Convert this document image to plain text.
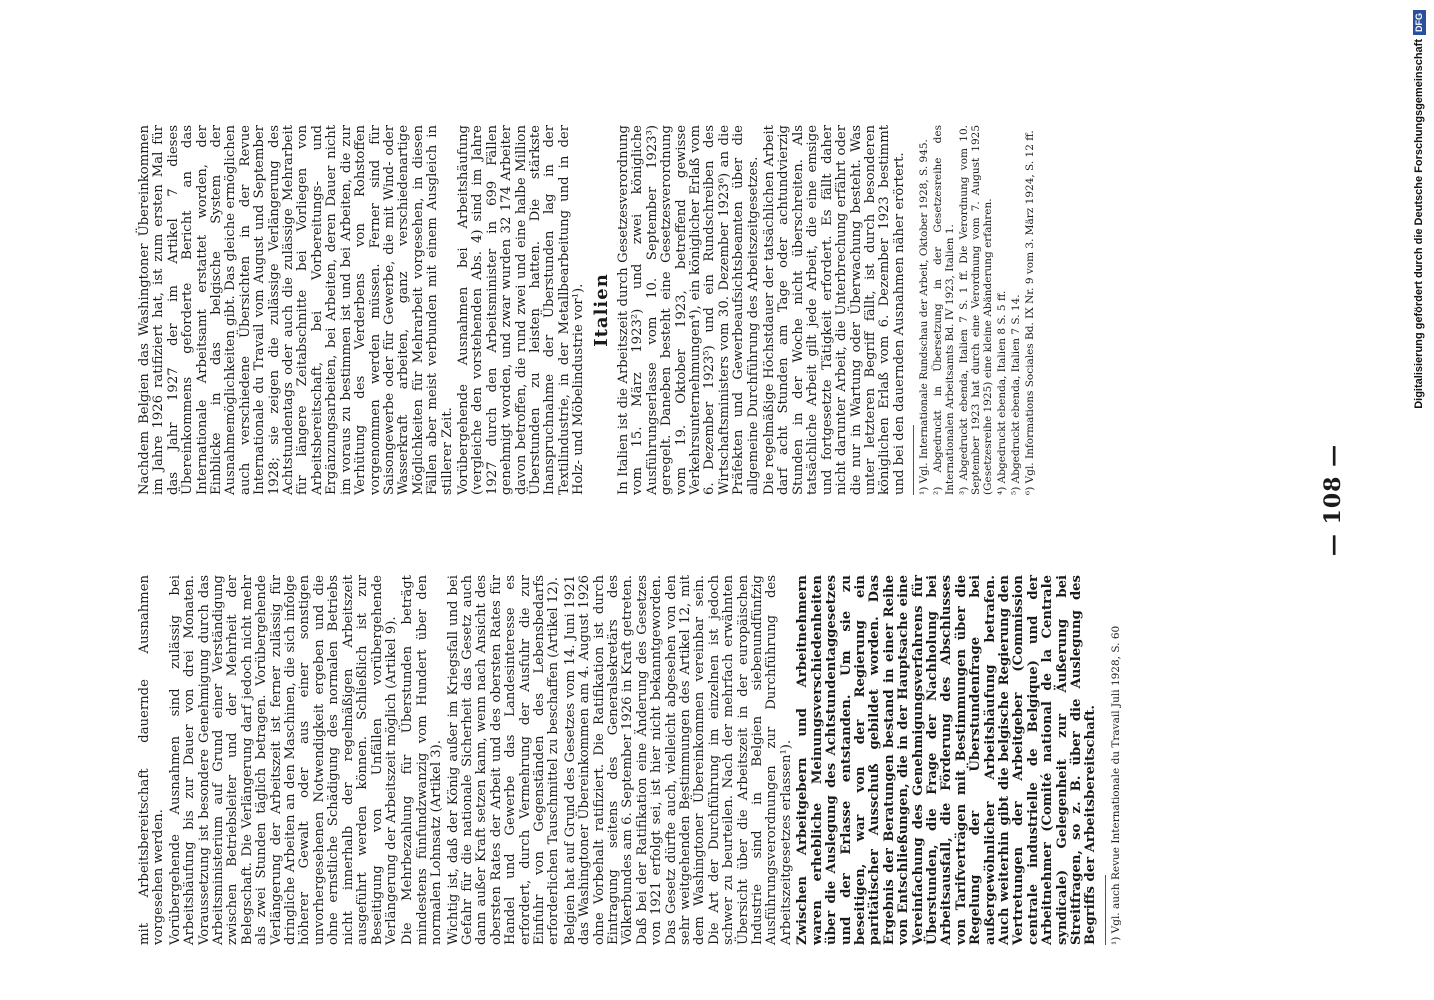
— 108 —

mit Arbeitsbereitschaft dauernde Ausnahmen vorgesehen werden. Vorübergehende Ausnahmen sind zulässig bei Arbeitshäufung bis zur Dauer von drei Monaten. Voraussetzung ist besondere Genehmigung durch das Arbeitsministerium auf Grund einer Verständigung zwischen Betriebsleiter und der Mehrheit der Belegschaft. Die Verlängerung darf jedoch nicht mehr als zwei Stunden täglich betragen. Vorübergehende Verlängerung der Arbeitszeit ist ferner zulässig für dringliche Arbeiten an den Maschinen, die sich infolge höherer Gewalt oder aus einer sonstigen unvorhergesehenen Notwendigkeit ergeben und die ohne ernstliche Schädigung des normalen Betriebs nicht innerhalb der regelmäßigen Arbeitszeit ausgeführt werden können. Schließlich ist zur Beseitigung von Unfällen vorübergehende Verlängerung der Arbeitszeit möglich (Artikel 9). Die Mehrbezahlung für Überstunden beträgt mindestens fünfundzwanzig vom Hundert über den normalen Lohnsatz (Artikel 3). Wichtig ist, daß der König außer im Kriegsfall und bei Gefahr für die nationale Sicherheit das Gesetz auch dann außer Kraft setzen kann, wenn nach Ansicht des obersten Rates der Arbeit und des obersten Rates für Handel und Gewerbe das Landesinteresse es erfordert, durch Vermehrung der Ausfuhr die zur Einfuhr von Gegenständen des Lebensbedarfs erforderlichen Tauschmittel zu beschaffen (Artikel 12). Belgien hat auf Grund des Gesetzes vom 14. Juni 1921 das Washingtoner Übereinkommen am 4. August 1926 ohne Vorbehalt ratifiziert. Die Ratifikation ist durch Eintragung seitens des Generalsekretärs des Völkerbundes am 6. September 1926 in Kraft getreten. Daß bei der Ratifikation eine Änderung des Gesetzes von 1921 erfolgt sei, ist hier nicht bekanntgeworden. Das Gesetz dürfte auch, vielleicht abgesehen von den sehr weitgehenden Bestimmungen des Artikel 12, mit dem Washingtoner Übereinkommen vereinbar sein. Die Art der Durchführung im einzelnen ist jedoch schwer zu beurteilen. Nach der mehrfach erwähnten Übersicht über die Arbeitszeit in der europäischen Industrie sind in Belgien siebenundfünfzig Ausführungsverordnungen zur Durchführung des Arbeitszeitgesetzes erlassen¹). Zwischen Arbeitgebern und Arbeitnehmern waren erhebliche Meinungsverschiedenheiten über die Auslegung des Achtstundentaggesetzes und der Erlasse entstanden. Um sie zu beseitigen, war von der Regierung ein paritätischer Ausschuß gebildet worden. Das Ergebnis der Beratungen bestand in einer Reihe von Entschließungen, die in der Hauptsache eine Vereinfachung des Genehmigungsverfahrens für Überstunden, die Frage der Nachholung bei Arbeitsausfall, die Förderung des Abschlusses von Tarifverträgen mit Bestimmungen über die Regelung der Überstundenfrage bei außergewöhnlicher Arbeitshäufung betrafen. Auch weiterhin gibt die belgische Regierung den Vertretungen der Arbeitgeber (Commission centrale industrielle de Belgique) und der Arbeitnehmer (Comité national de la Centrale syndicale) Gelegenheit zur Äußerung bei Streitfragen, so z. B. über die Auslegung des Begriffs der Arbeitsbereitschaft. ¹) Vgl. auch Revue Internationale du Travail Juli 1928, S. 60

Nachdem Belgien das Washingtoner Übereinkommen im Jahre 1926 ratifiziert hat, ist zum ersten Mal für das Jahr 1927 der im Artikel 7 dieses Übereinkommens geforderte Bericht an das Internationale Arbeitsamt erstattet worden, der Einblicke in das belgische System der Ausnahmemöglichkeiten gibt. Das gleiche ermöglichen auch verschiedene Übersichten in der Revue Internationale du Travail vom August und September 1928; sie zeigen die zulässige Verlängerung des Achtstundentags oder auch die zulässige Mehrarbeit für längere Zeitabschnitte bei Vorliegen von Arbeitsbereitschaft, bei Vorbereitungs- und Ergänzungsarbeiten, bei Arbeiten, deren Dauer nicht im voraus zu bestimmen ist und bei Arbeiten, die zur Verhütung des Verderbens von Rohstoffen vorgenommen werden müssen. Ferner sind für Saisongewerbe oder für Gewerbe, die mit Wind- oder Wasserkraft arbeiten, ganz verschiedenartige Möglichkeiten für Mehrarbeit vorgesehen, in diesen Fällen aber meist verbunden mit einem Ausgleich in stillerer Zeit. Vorübergehende Ausnahmen bei Arbeitshäufung (vergleiche den vorstehenden Abs. 4) sind im Jahre 1927 durch den Arbeitsminister in 699 Fällen genehmigt worden, und zwar wurden 32 174 Arbeiter davon betroffen, die rund zwei und eine halbe Million Überstunden zu leisten hatten. Die stärkste Inanspruchnahme der Überstunden lag in der Textilindustrie, in der Metallbearbeitung und in der Holz- und Möbelindustrie vor¹). Italien In Italien ist die Arbeitszeit durch Gesetzesverordnung vom 15. März 1923²) und zwei königliche Ausführungserlasse vom 10. September 1923³) geregelt. Daneben besteht eine Gesetzesverordnung vom 19. Oktober 1923, betreffend gewisse Verkehrsunternehmungen⁴), ein königlicher Erlaß vom 6. Dezember 1923⁵) und ein Rundschreiben des Wirtschaftsministers vom 30. Dezember 1923⁶) an die Präfekten und Gewerbeaufsichtsbeamten über die allgemeine Durchführung des Arbeitszeitgesetzes. Die regelmäßige Höchstdauer der tatsächlichen Arbeit darf acht Stunden am Tage oder achtundvierzig Stunden in der Woche nicht überschreiten. Als tatsächliche Arbeit gilt jede Arbeit, die eine emsige und fortgesetzte Tätigkeit erfordert. Es fällt daher nicht darunter Arbeit, die Unterbrechung erfährt oder die nur in Wartung oder Überwachung besteht. Was unter letzteren Begriff fällt, ist durch besonderen königlichen Erlaß vom 6. Dezember 1923 bestimmt und bei den dauernden Ausnahmen näher erörtert. ¹) Vgl. Internationale Rundschau der Arbeit, Oktober 1928, S. 945. ²) Abgedruckt in Übersetzung in der Gesetzesreihe des Internationalen Arbeitsamts Bd. IV 1923, Italien 1. ³) Abgedruckt ebenda, Italien 7 S. 1 ff. Die Verordnung vom 10. September 1923 hat durch eine Verordnung vom 7. August 1925 (Gesetzesreihe 1925) eine kleine Abänderung erfahren. ⁴) Abgedruckt ebenda, Italien 8 S. 5 ff. ⁵) Abgedruckt ebenda, Italien 7 S. 14. ⁶) Vgl. Informations Sociales Bd. IX Nr. 9 vom 3. März 1924, S. 12 ff.	Digitalisierung gefördert durch die Deutsche ForschungsgemeinschaftDFG
